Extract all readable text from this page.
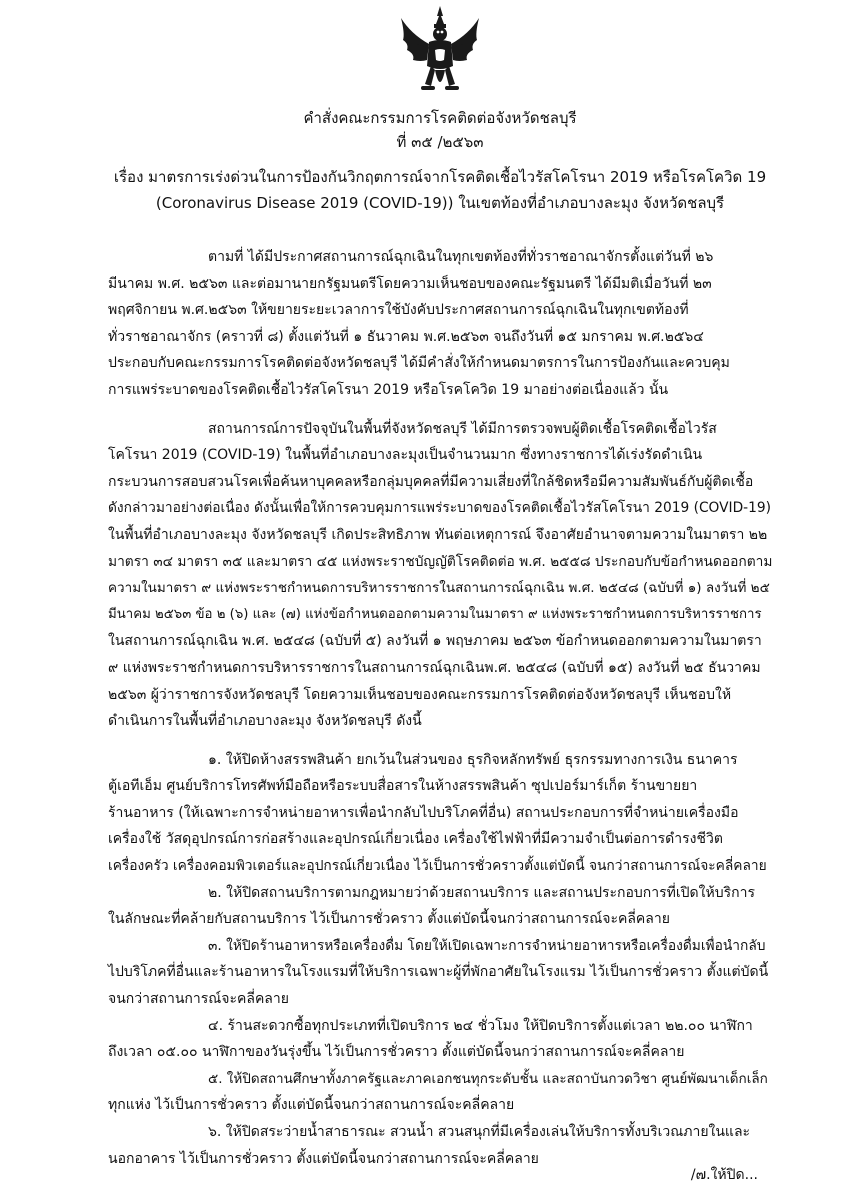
คำสั่งคณะกรรมการโรคติดต่อจังหวัดชลบุรี
ที่ ๓๕ /๒๕๖๓
เรื่อง มาตรการเร่งด่วนในการป้องกันวิกฤตการณ์จากโรคติดเชื้อไวรัสโคโรนา 2019 หรือโรคโควิด 19
(Coronavirus Disease 2019 (COVID-19)) ในเขตท้องที่อำเภอบางละมุง จังหวัดชลบุรี
ตามที่ ได้มีประกาศสถานการณ์ฉุกเฉินในทุกเขตท้องที่ทั่วราชอาณาจักรตั้งแต่วันที่ ๒๖
มีนาคม พ.ศ. ๒๕๖๓ และต่อมานายกรัฐมนตรีโดยความเห็นชอบของคณะรัฐมนตรี ได้มีมติเมื่อวันที่ ๒๓
พฤศจิกายน พ.ศ.๒๕๖๓ ให้ขยายระยะเวลาการใช้บังคับประกาศสถานการณ์ฉุกเฉินในทุกเขตท้องที่
ทั่วราชอาณาจักร (คราวที่ ๘) ตั้งแต่วันที่ ๑ ธันวาคม พ.ศ.๒๕๖๓ จนถึงวันที่ ๑๕ มกราคม พ.ศ.๒๕๖๔
ประกอบกับคณะกรรมการโรคติดต่อจังหวัดชลบุรี ได้มีคำสั่งให้กำหนดมาตรการในการป้องกันและควบคุม
การแพร่ระบาดของโรคติดเชื้อไวรัสโคโรนา 2019 หรือโรคโควิด 19 มาอย่างต่อเนื่องแล้ว นั้น
สถานการณ์การปัจจุบันในพื้นที่จังหวัดชลบุรี ได้มีการตรวจพบผู้ติดเชื้อโรคติดเชื้อไวรัส
โคโรนา 2019 (COVID-19) ในพื้นที่อำเภอบางละมุงเป็นจำนวนมาก ซึ่งทางราชการได้เร่งรัดดำเนิน
กระบวนการสอบสวนโรคเพื่อค้นหาบุคคลหรือกลุ่มบุคคลที่มีความเสี่ยงที่ใกล้ชิดหรือมีความสัมพันธ์กับผู้ติดเชื้อ
ดังกล่าวมาอย่างต่อเนื่อง ดังนั้นเพื่อให้การควบคุมการแพร่ระบาดของโรคติดเชื้อไวรัสโคโรนา 2019 (COVID-19)
ในพื้นที่อำเภอบางละมุง จังหวัดชลบุรี เกิดประสิทธิภาพ ทันต่อเหตุการณ์ จึงอาศัยอำนาจตามความในมาตรา ๒๒
มาตรา ๓๔ มาตรา ๓๕ และมาตรา ๔๕ แห่งพระราชบัญญัติโรคติดต่อ พ.ศ. ๒๕๕๘ ประกอบกับข้อกำหนดออกตาม
ความในมาตรา ๙ แห่งพระราชกำหนดการบริหารราชการในสถานการณ์ฉุกเฉิน พ.ศ. ๒๕๔๘ (ฉบับที่ ๑) ลงวันที่ ๒๕
มีนาคม ๒๕๖๓ ข้อ ๒ (๖) และ (๗) แห่งข้อกำหนดออกตามความในมาตรา ๙ แห่งพระราชกำหนดการบริหารราชการ
ในสถานการณ์ฉุกเฉิน พ.ศ. ๒๕๔๘ (ฉบับที่ ๕) ลงวันที่ ๑ พฤษภาคม ๒๕๖๓ ข้อกำหนดออกตามความในมาตรา
๙ แห่งพระราชกำหนดการบริหารราชการในสถานการณ์ฉุกเฉินพ.ศ. ๒๕๔๘ (ฉบับที่ ๑๕) ลงวันที่ ๒๕ ธันวาคม
๒๕๖๓ ผู้ว่าราชการจังหวัดชลบุรี โดยความเห็นชอบของคณะกรรมการโรคติดต่อจังหวัดชลบุรี เห็นชอบให้
ดำเนินการในพื้นที่อำเภอบางละมุง จังหวัดชลบุรี ดังนี้
๑. ให้ปิดห้างสรรพสินค้า ยกเว้นในส่วนของ ธุรกิจหลักทรัพย์ ธุรกรรมทางการเงิน ธนาคาร
ตู้เอทีเอ็ม ศูนย์บริการโทรศัพท์มือถือหรือระบบสื่อสารในห้างสรรพสินค้า ซุปเปอร์มาร์เก็ต ร้านขายยา
ร้านอาหาร (ให้เฉพาะการจำหน่ายอาหารเพื่อนำกลับไปบริโภคที่อื่น) สถานประกอบการที่จำหน่ายเครื่องมือ
เครื่องใช้ วัสดุอุปกรณ์การก่อสร้างและอุปกรณ์เกี่ยวเนื่อง เครื่องใช้ไฟฟ้าที่มีความจำเป็นต่อการดำรงชีวิต
เครื่องครัว เครื่องคอมพิวเตอร์และอุปกรณ์เกี่ยวเนื่อง ไว้เป็นการชั่วคราวตั้งแต่บัดนี้ จนกว่าสถานการณ์จะคลี่คลาย
๒. ให้ปิดสถานบริการตามกฎหมายว่าด้วยสถานบริการ และสถานประกอบการที่เปิดให้บริการ
ในลักษณะที่คล้ายกับสถานบริการ ไว้เป็นการชั่วคราว ตั้งแต่บัดนี้จนกว่าสถานการณ์จะคลี่คลาย
๓. ให้ปิดร้านอาหารหรือเครื่องดื่ม โดยให้เปิดเฉพาะการจำหน่ายอาหารหรือเครื่องดื่มเพื่อนำกลับ
ไปบริโภคที่อื่นและร้านอาหารในโรงแรมที่ให้บริการเฉพาะผู้ที่พักอาศัยในโรงแรม ไว้เป็นการชั่วคราว ตั้งแต่บัดนี้
จนกว่าสถานการณ์จะคลี่คลาย
๔. ร้านสะดวกซื้อทุกประเภทที่เปิดบริการ ๒๔ ชั่วโมง ให้ปิดบริการตั้งแต่เวลา ๒๒.๐๐ นาฬิกา
ถึงเวลา ๐๕.๐๐ นาฬิกาของวันรุ่งขึ้น ไว้เป็นการชั่วคราว ตั้งแต่บัดนี้จนกว่าสถานการณ์จะคลี่คลาย
๕. ให้ปิดสถานศึกษาทั้งภาครัฐและภาคเอกชนทุกระดับชั้น และสถาบันกวดวิชา ศูนย์พัฒนาเด็กเล็ก
ทุกแห่ง ไว้เป็นการชั่วคราว ตั้งแต่บัดนี้จนกว่าสถานการณ์จะคลี่คลาย
๖. ให้ปิดสระว่ายน้ำสาธารณะ สวนน้ำ สวนสนุกที่มีเครื่องเล่นให้บริการทั้งบริเวณภายในและ
นอกอาคาร ไว้เป็นการชั่วคราว ตั้งแต่บัดนี้จนกว่าสถานการณ์จะคลี่คลาย
/๗.ให้ปิด...
